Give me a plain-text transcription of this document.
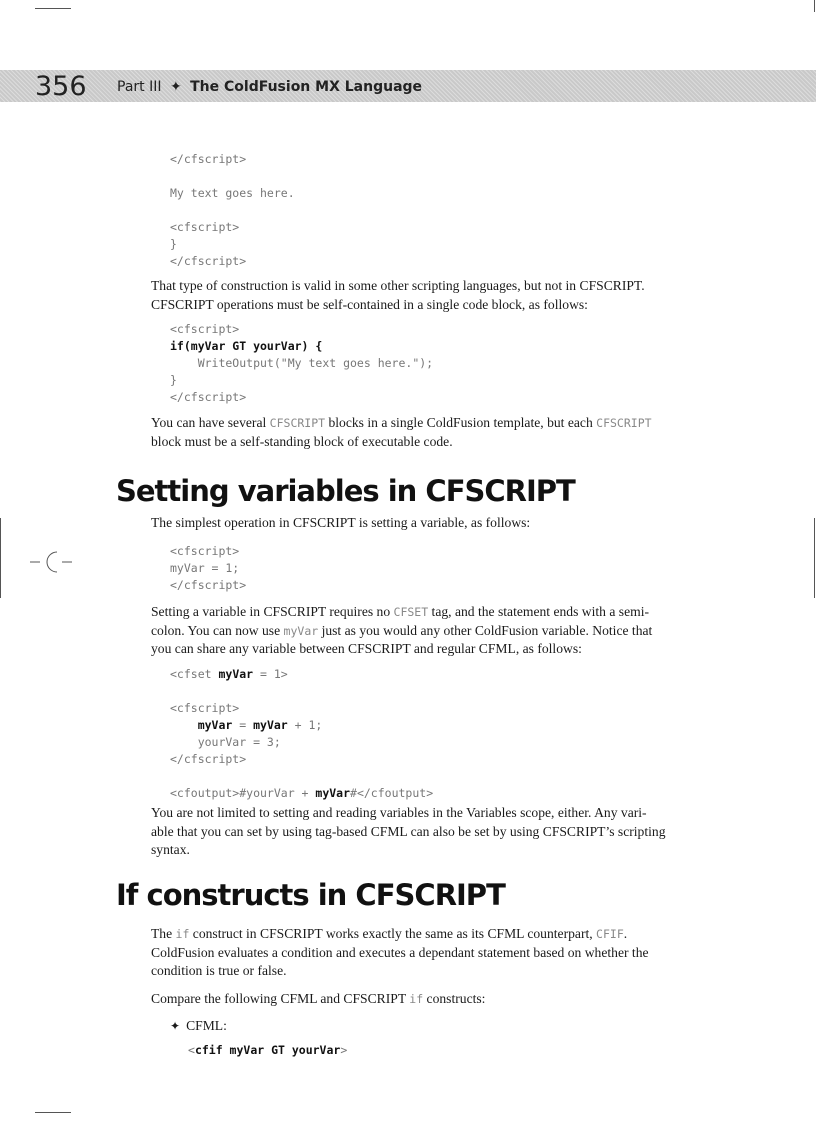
356 Part III ✦ The ColdFusion MX Language
</cfscript>

My text goes here.

<cfscript>
}
</cfscript>

That type of construction is valid in some other scripting languages, but not in CFSCRIPT.
CFSCRIPT operations must be self-contained in a single code block, as follows:

<cfscript>
if(myVar GT yourVar) {
WriteOutput("My text goes here.");
}
</cfscript>

You can have several CFSCRIPT blocks in a single ColdFusion template, but each CFSCRIPT
block must be a self-standing block of executable code.

Setting variables in CFSCRIPT

The simplest operation in CFSCRIPT is setting a variable, as follows:

<cfscript>
myVar = 1;
</cfscript>

Setting a variable in CFSCRIPT requires no CFSET tag, and the statement ends with a semi-
colon. You can now use myVar just as you would any other ColdFusion variable. Notice that
you can share any variable between CFSCRIPT and regular CFML, as follows:

<cfset myVar = 1>

<cfscript>
myVar = myVar + 1;
yourVar = 3;
</cfscript>

<cfoutput>#yourVar + myVar#</cfoutput>

You are not limited to setting and reading variables in the Variables scope, either. Any vari-
able that you can set by using tag-based CFML can also be set by using CFSCRIPT’s scripting
syntax.

If constructs in CFSCRIPT

The if construct in CFSCRIPT works exactly the same as its CFML counterpart, CFIF.
ColdFusion evaluates a condition and executes a dependant statement based on whether the
condition is true or false.

Compare the following CFML and CFSCRIPT if constructs:

✦ CFML:
<cfif myVar GT yourVar>
